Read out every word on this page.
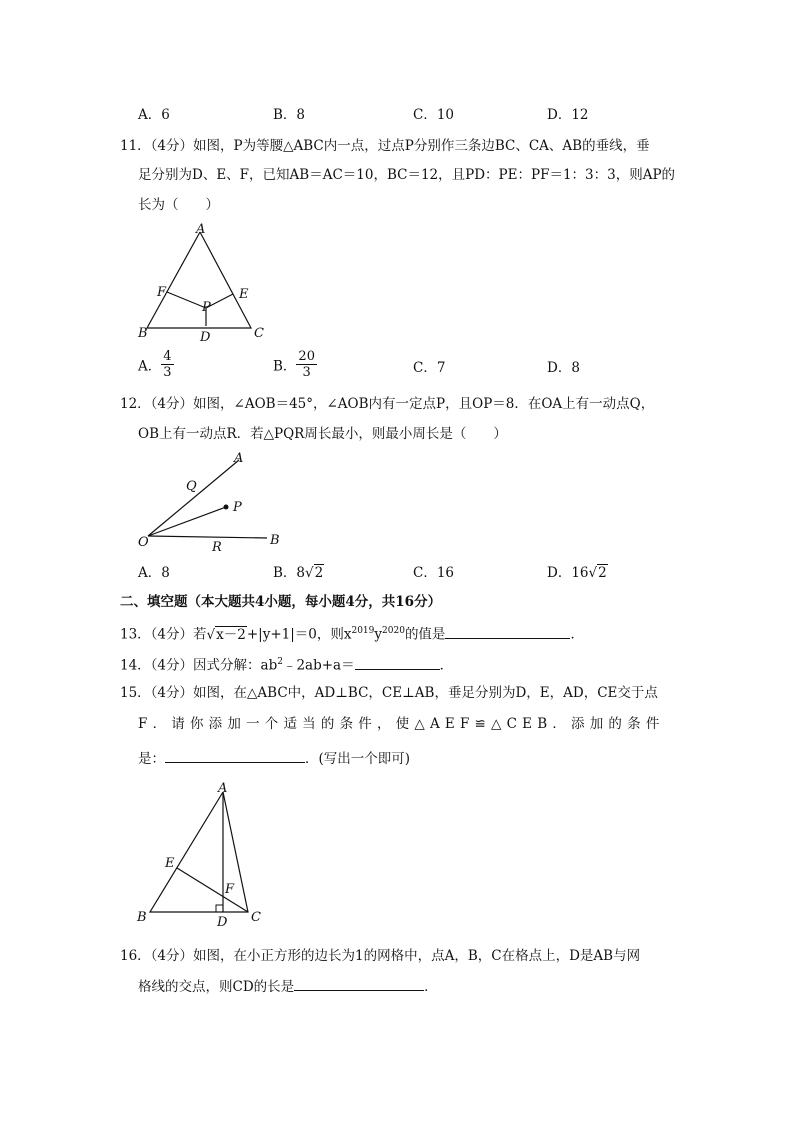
A．6	B．8	C．10	D．12
11．（4分）如图，P为等腰△ABC内一点，过点P分别作三条边BC、CA、AB的垂线，垂
足分别为D、E、F，已知AB＝AC＝10，BC＝12，且PD：PE：PF＝1：3：3，则AP的
长为（　　）
A
B	C
D
E
F
P
A． $\frac{4}{3}$	B． $\frac{20}{3}$	C．7	D．8
12．（4分）如图，∠AOB＝45°，∠AOB内有一定点P，且OP＝8．在OA上有一动点Q，
OB上有一动点R．若△PQR周长最小，则最小周长是（　　）
A
B
O
P
Q
R
A．8	B．8√2	C．16	D．16√2
二、填空题（本大题共4小题，每小题4分，共16分）
13．（4分）若√x－2+|y+1|＝0，则$x^{2019}y^{2020}$的值是	．
14．（4分）因式分解：$ab^2﹣2ab+a=$	．
15．（4分）如图，在△ABC中，AD⊥BC，CE⊥AB，垂足分别为D，E，AD，CE交于点
F．请你添加一个适当的条件，使△AEF≌△CEB．添加的条件
是：	．(写出一个即可)
A
B	C
D
E
F
16．（4分）如图，在小正方形的边长为1的网格中，点A，B，C在格点上，D是AB与网
格线的交点，则CD的长是	．
